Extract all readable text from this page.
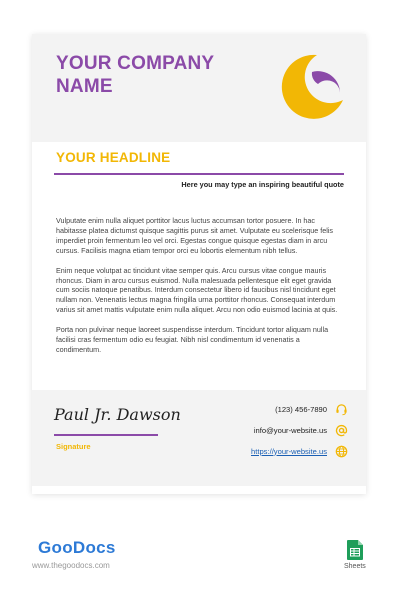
YOUR COMPANY NAME
YOUR HEADLINE
Here you may type an inspiring beautiful quote

Vulputate enim nulla aliquet porttitor lacus luctus accumsan tortor posuere. In hac habitasse platea dictumst quisque sagittis purus sit amet. Vulputate eu scelerisque felis imperdiet proin fermentum leo vel orci. Egestas congue quisque egestas diam in arcu cursus. Facilisis magna etiam tempor orci eu lobortis elementum nibh tellus.

Enim neque volutpat ac tincidunt vitae semper quis. Arcu cursus vitae congue mauris rhoncus. Diam in arcu cursus euismod. Nulla malesuada pellentesque elit eget gravida cum sociis natoque penatibus. Interdum consectetur libero id faucibus nisl tincidunt eget nullam non. Venenatis lectus magna fringilla urna porttitor rhoncus. Consequat interdum varius sit amet mattis vulputate enim nulla aliquet. Arcu non odio euismod lacinia at quis.

Porta non pulvinar neque laoreet suspendisse interdum. Tincidunt tortor aliquam nulla facilisi cras fermentum odio eu feugiat. Nibh nisl condimentum id venenatis a condimentum.

Paul Jr. Dawson
Signature
(123) 456-7890
info@your-website.us
https://your-website.us
GooDocs
www.thegoodocs.com	Sheets
